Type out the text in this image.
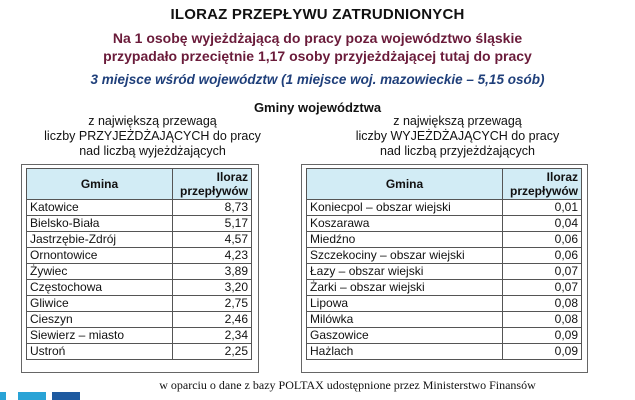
ILORAZ PRZEPŁYWU ZATRUDNIONYCH
Na 1 osobę wyjeżdżającą do pracy poza województwo śląskie
przypadało przeciętnie 1,17 osoby przyjeżdżającej tutaj do pracy
3 miejsce wśród województw (1 miejsce woj. mazowieckie – 5,15 osób)
Gminy województwa
z największą przewagą
liczby PRZYJEŻDŻAJĄCYCH do pracy
nad liczbą wyjeżdżających
z największą przewagą
liczby WYJEŻDŻAJĄCYCH do pracy
nad liczbą przyjeżdżających
Gmina	Iloraz
przepływów

Katowice	8,73
Bielsko-Biała	5,17
Jastrzębie-Zdrój	4,57
Ornontowice	4,23
Żywiec	3,89
Częstochowa	3,20
Gliwice	2,75
Cieszyn	2,46
Siewierz – miasto	2,34
Ustroń	2,25
Gmina	Iloraz
przepływów

Koniecpol – obszar wiejski	0,01
Koszarawa	0,04
Miedźno	0,06
Szczekociny – obszar wiejski	0,06
Łazy – obszar wiejski	0,07
Żarki – obszar wiejski	0,07
Lipowa	0,08
Milówka	0,08
Gaszowice	0,09
Hażlach	0,09
w oparciu o dane z bazy POLTAX udostępnione przez Ministerstwo Finansów
